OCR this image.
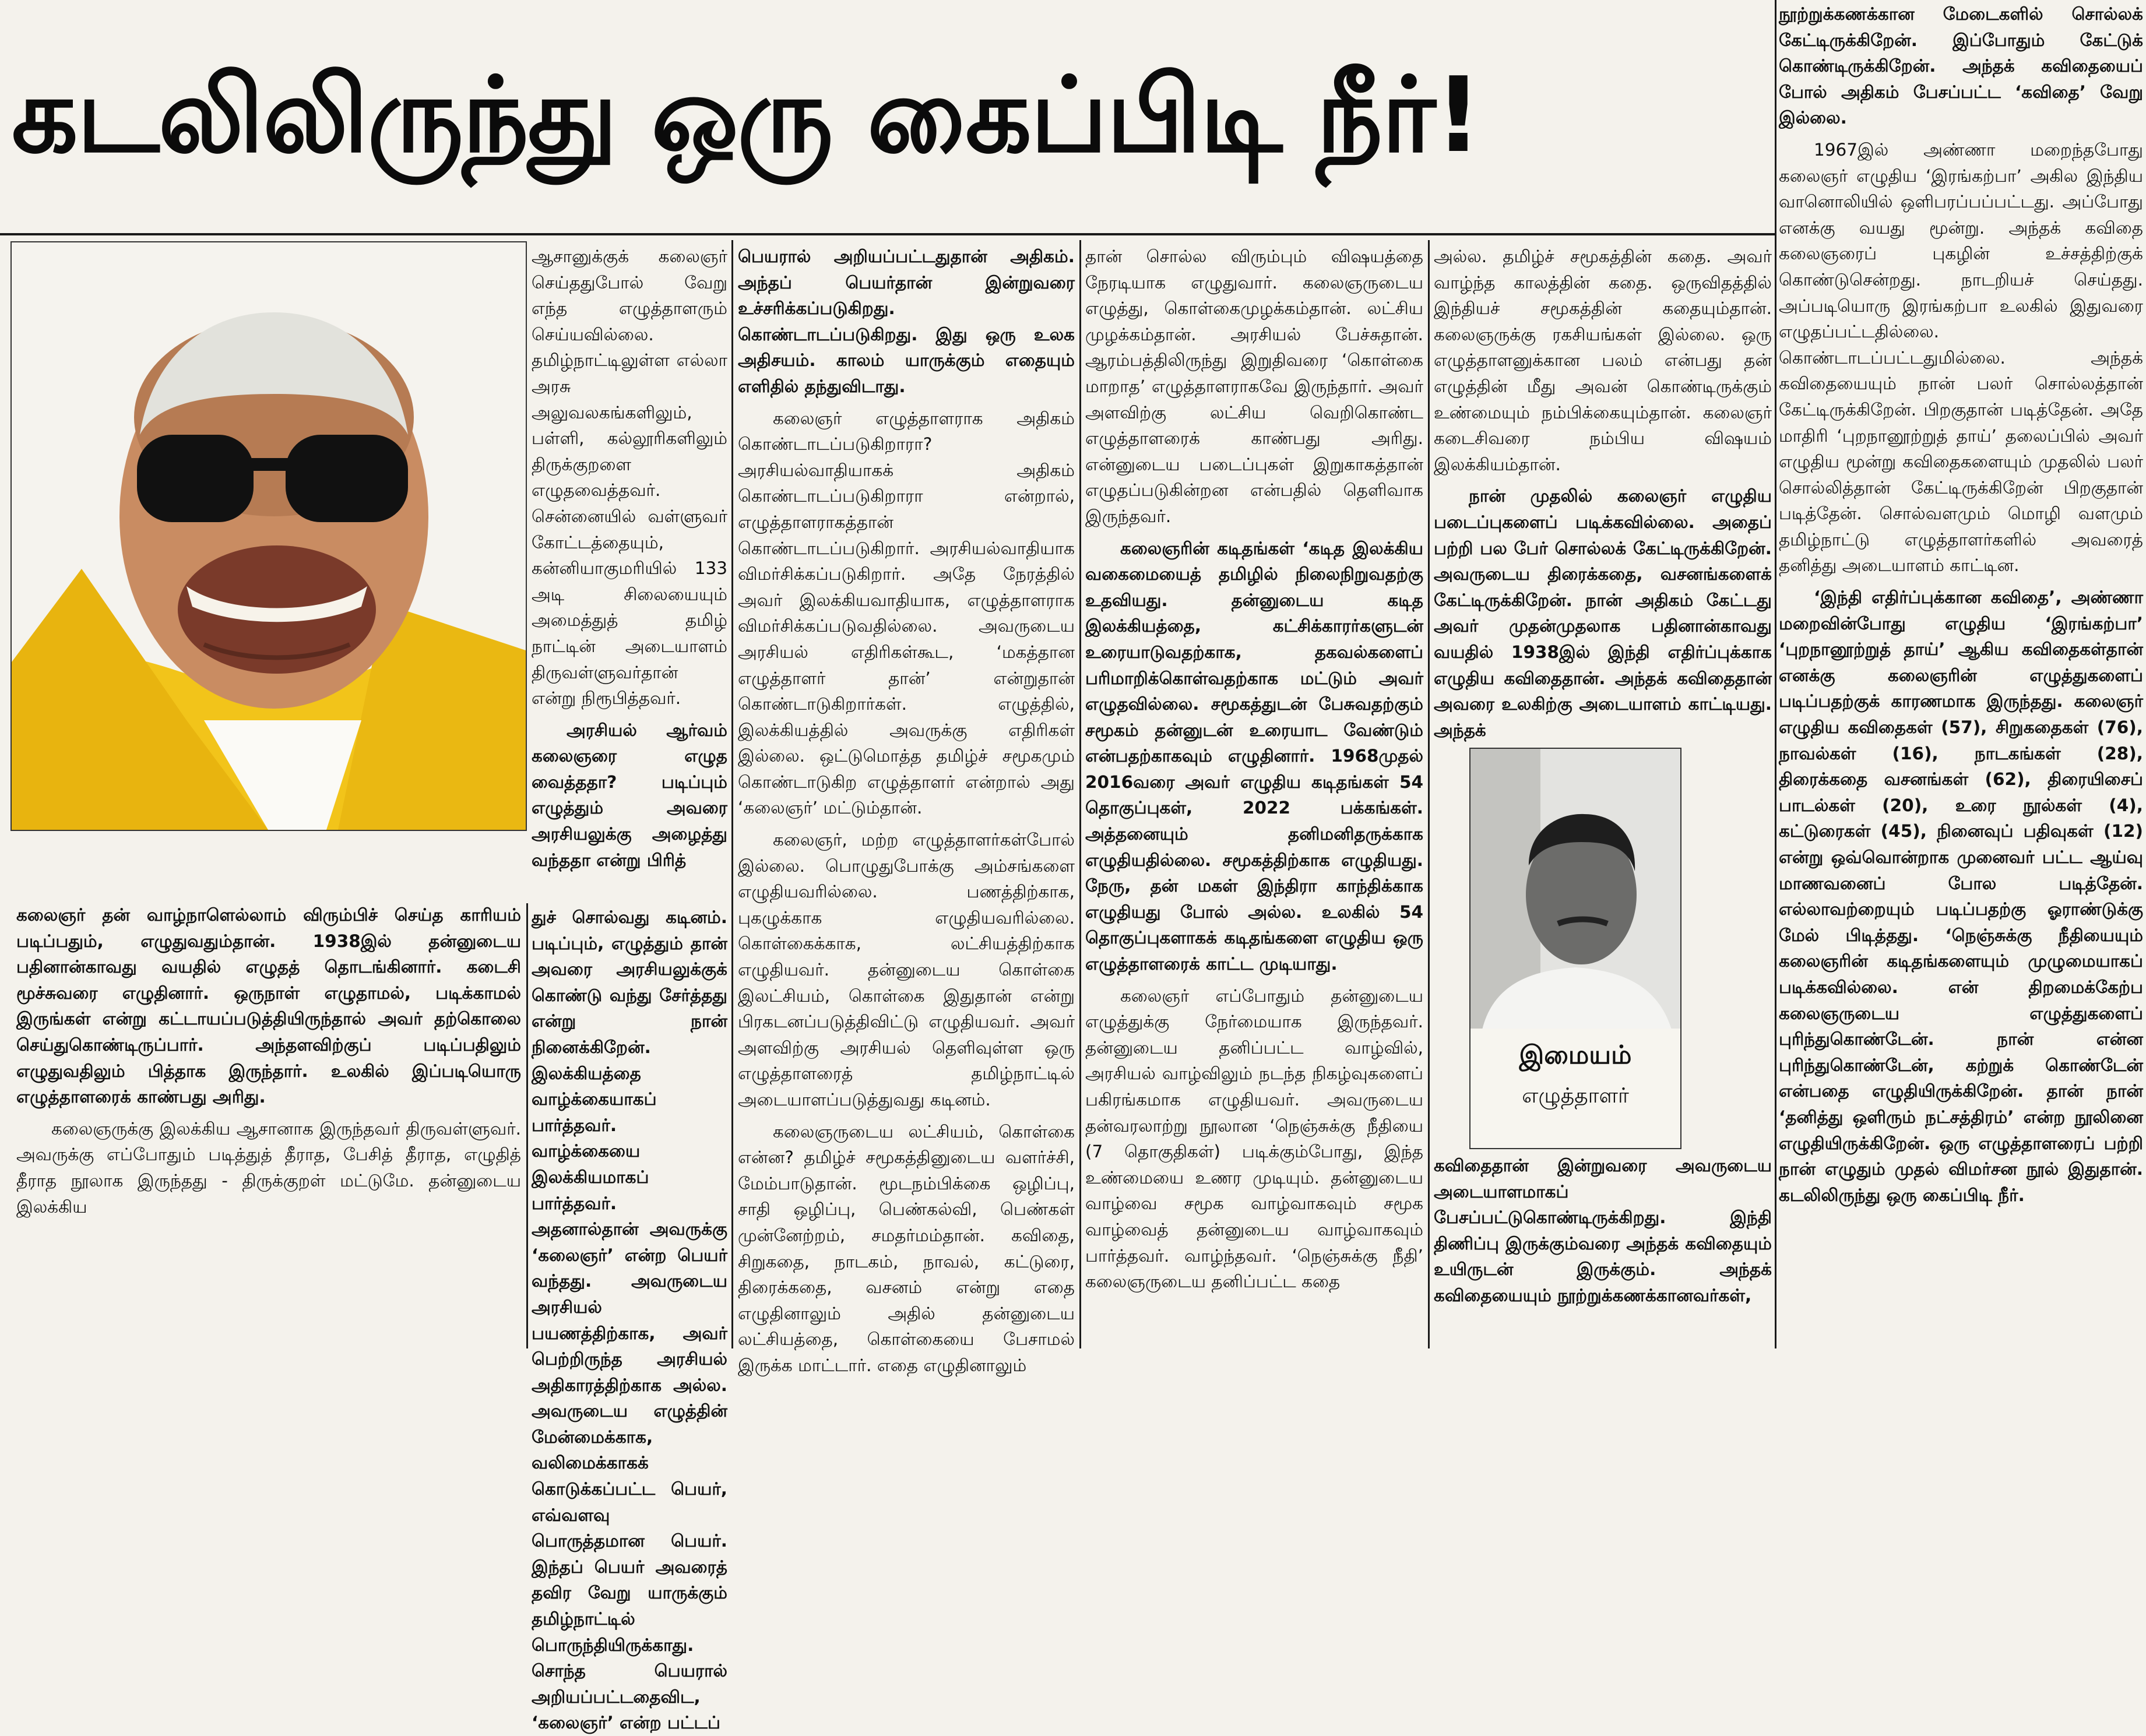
கடலிலிருந்து ஒரு கைப்பிடி நீர்!
இமையம்
எழுத்தாளர்

நூற்றுக்கணக்கான மேடைகளில் சொல்லக் கேட்டிருக்கிறேன். இப்போதும் கேட்டுக் கொண்டிருக்கிறேன். அந்தக் கவிதையைப் போல் அதிகம் பேசப்பட்ட ‘கவிதை’ வேறு இல்லை.

1967இல் அண்ணா மறைந்தபோது கலைஞர் எழுதிய ‘இரங்கற்பா’ அகில இந்திய வானொலியில் ஒளிபரப்பப்பட்டது. அப்போது எனக்கு வயது மூன்று. அந்தக் கவிதை கலைஞரைப் புகழின் உச்சத்திற்குக் கொண்டுசென்றது. நாடறியச் செய்தது. அப்படியொரு இரங்கற்பா உலகில் இதுவரை எழுதப்பட்டதில்லை. கொண்டாடப்பட்டதுமில்லை. அந்தக் கவிதையையும் நான் பலர் சொல்லத்தான் கேட்டிருக்கிறேன். பிறகுதான் படித்தேன். அதே மாதிரி ‘புறநானூற்றுத் தாய்’ தலைப்பில் அவர் எழுதிய மூன்று கவிதைகளையும் முதலில் பலர் சொல்லித்தான் கேட்டிருக்கிறேன் பிறகுதான் படித்தேன். சொல்வளமும் மொழி வளமும் தமிழ்நாட்டு எழுத்தாளர்களில் அவரைத் தனித்து அடையாளம் காட்டின.

‘இந்தி எதிர்ப்புக்கான கவிதை’, அண்ணா மறைவின்போது எழுதிய ‘இரங்கற்பா’ ‘புறநானூற்றுத் தாய்’ ஆகிய கவிதைகள்தான் எனக்கு கலைஞரின் எழுத்துகளைப் படிப்பதற்குக் காரணமாக இருந்தது. கலைஞர் எழுதிய கவிதைகள் (57), சிறுகதைகள் (76), நாவல்கள் (16), நாடகங்கள் (28), திரைக்கதை வசனங்கள் (62), திரையிசைப் பாடல்கள் (20), உரை நூல்கள் (4), கட்டுரைகள் (45), நினைவுப் பதிவுகள் (12) என்று ஒவ்வொன்றாக முனைவர் பட்ட ஆய்வு மாணவனைப் போல படித்தேன். எல்லாவற்றையும் படிப்பதற்கு ஓராண்டுக்கு மேல் பிடித்தது. ‘நெஞ்சுக்கு நீதியையும் கலைஞரின் கடிதங்களையும் முழுமையாகப் படிக்கவில்லை. என் திறமைக்கேற்ப கலைஞருடைய எழுத்துகளைப் புரிந்துகொண்டேன். நான் என்ன புரிந்துகொண்டேன், கற்றுக் கொண்டேன் என்பதை எழுதியிருக்கிறேன். தான் நான் ‘தனித்து ஒளிரும் நட்சத்திரம்’ என்ற நூலினை எழுதியிருக்கிறேன். ஒரு எழுத்தாளரைப் பற்றி நான் எழுதும் முதல் விமர்சன நூல் இதுதான். கடலிலிருந்து ஒரு கைப்பிடி நீர்.

கலைஞர் தன் வாழ்நாளெல்லாம் விரும்பிச் செய்த காரியம் படிப்பதும், எழுதுவதும்தான். 1938இல் தன்னுடைய பதினான்காவது வயதில் எழுதத் தொடங்கினார். கடைசி மூச்சுவரை எழுதினார். ஒருநாள் எழுதாமல், படிக்காமல் இருங்கள் என்று கட்டாயப்படுத்தியிருந்தால் அவர் தற்கொலை செய்துகொண்டிருப்பார். அந்தளவிற்குப் படிப்பதிலும் எழுதுவதிலும் பித்தாக இருந்தார். உலகில் இப்படியொரு எழுத்தாளரைக் காண்பது அரிது.

கலைஞருக்கு இலக்கிய ஆசானாக இருந்தவர் திருவள்ளுவர். அவருக்கு எப்போதும் படித்துத் தீராத, பேசித் தீராத, எழுதித் தீராத நூலாக இருந்தது - திருக்குறள் மட்டுமே. தன்னுடைய இலக்கிய

ஆசானுக்குக் கலைஞர் செய்ததுபோல் வேறு எந்த எழுத்தாளரும் செய்யவில்லை. தமிழ்நாட்டிலுள்ள எல்லா அரசு அலுவலகங்களிலும், பள்ளி, கல்லூரிகளிலும் திருக்குறளை எழுதவைத்தவர். சென்னையில் வள்ளுவர் கோட்டத்தையும், கன்னியாகுமரியில் 133 அடி சிலையையும் அமைத்துத் தமிழ் நாட்டின் அடையாளம் திருவள்ளுவர்தான் என்று நிரூபித்தவர்.

அரசியல் ஆர்வம் கலைஞரை எழுத வைத்ததா? படிப்பும் எழுத்தும் அவரை அரசியலுக்கு அழைத்து வந்ததா என்று பிரித்

துச் சொல்வது கடினம். படிப்பும், எழுத்தும் தான் அவரை அரசியலுக்குக் கொண்டு வந்து சேர்த்தது என்று நான் நினைக்கிறேன். இலக்கியத்தை வாழ்க்கையாகப் பார்த்தவர். வாழ்க்கையை இலக்கியமாகப் பார்த்தவர். அதனால்தான் அவருக்கு ‘கலைஞர்’ என்ற பெயர் வந்தது. அவருடைய அரசியல் பயணத்திற்காக, அவர் பெற்றிருந்த அரசியல் அதிகாரத்திற்காக அல்ல. அவருடைய எழுத்தின் மேன்மைக்காக, வலிமைக்காகக் கொடுக்கப்பட்ட பெயர், எவ்வளவு பொருத்தமான பெயர். இந்தப் பெயர் அவரைத் தவிர வேறு யாருக்கும் தமிழ்நாட்டில் பொருந்தியிருக்காது. சொந்த பெயரால் அறியப்பட்டதைவிட, ‘கலைஞர்’ என்ற பட்டப்

பெயரால் அறியப்பட்டதுதான் அதிகம். அந்தப் பெயர்தான் இன்றுவரை உச்சரிக்கப்படுகிறது. கொண்டாடப்படுகிறது. இது ஒரு உலக அதிசயம். காலம் யாருக்கும் எதையும் எளிதில் தந்துவிடாது.

கலைஞர் எழுத்தாளராக அதிகம் கொண்டாடப்படுகிறாரா? அரசியல்வாதியாகக் அதிகம் கொண்டாடப்படுகிறாரா என்றால், எழுத்தாளராகத்தான் கொண்டாடப்படுகிறார். அரசியல்வாதியாக விமர்சிக்கப்படுகிறார். அதே நேரத்தில் அவர் இலக்கியவாதியாக, எழுத்தாளராக விமர்சிக்கப்படுவதில்லை. அவருடைய அரசியல் எதிரிகள்கூட, ‘மகத்தான எழுத்தாளர் தான்’ என்றுதான் கொண்டாடுகிறார்கள். எழுத்தில், இலக்கியத்தில் அவருக்கு எதிரிகள் இல்லை. ஒட்டுமொத்த தமிழ்ச் சமூகமும் கொண்டாடுகிற எழுத்தாளர் என்றால் அது ‘கலைஞர்’ மட்டும்தான்.

கலைஞர், மற்ற எழுத்தாளர்கள்போல் இல்லை. பொழுதுபோக்கு அம்சங்களை எழுதியவரில்லை. பணத்திற்காக, புகழுக்காக எழுதியவரில்லை. கொள்கைக்காக, லட்சியத்திற்காக எழுதியவர். தன்னுடைய கொள்கை இலட்சியம், கொள்கை இதுதான் என்று பிரகடனப்படுத்திவிட்டு எழுதியவர். அவர் அளவிற்கு அரசியல் தெளிவுள்ள ஒரு எழுத்தாளரைத் தமிழ்நாட்டில் அடையாளப்படுத்துவது கடினம்.

கலைஞருடைய லட்சியம், கொள்கை என்ன? தமிழ்ச் சமூகத்தினுடைய வளர்ச்சி, மேம்பாடுதான். மூடநம்பிக்கை ஒழிப்பு, சாதி ஒழிப்பு, பெண்கல்வி, பெண்கள் முன்னேற்றம், சமதர்மம்தான். கவிதை, சிறுகதை, நாடகம், நாவல், கட்டுரை, திரைக்கதை, வசனம் என்று எதை எழுதினாலும் அதில் தன்னுடைய லட்சியத்தை, கொள்கையை பேசாமல் இருக்க மாட்டார். எதை எழுதினாலும்

தான் சொல்ல விரும்பும் விஷயத்தை நேரடியாக எழுதுவார். கலைஞருடைய எழுத்து, கொள்கைமுழக்கம்தான். லட்சிய முழக்கம்தான். அரசியல் பேச்சுதான். ஆரம்பத்திலிருந்து இறுதிவரை ‘கொள்கை மாறாத’ எழுத்தாளராகவே இருந்தார். அவர் அளவிற்கு லட்சிய வெறிகொண்ட எழுத்தாளரைக் காண்பது அரிது. என்னுடைய படைப்புகள் இறுகாகத்தான் எழுதப்படுகின்றன என்பதில் தெளிவாக இருந்தவர்.

கலைஞரின் கடிதங்கள் ‘கடித இலக்கிய வகைமையைத் தமிழில் நிலைநிறுவதற்கு உதவியது. தன்னுடைய கடித இலக்கியத்தை, கட்சிக்காரர்களுடன் உரையாடுவதற்காக, தகவல்களைப் பரிமாறிக்கொள்வதற்காக மட்டும் அவர் எழுதவில்லை. சமூகத்துடன் பேசுவதற்கும் சமூகம் தன்னுடன் உரையாட வேண்டும் என்பதற்காகவும் எழுதினார். 1968முதல் 2016வரை அவர் எழுதிய கடிதங்கள் 54 தொகுப்புகள், 2022 பக்கங்கள். அத்தனையும் தனிமனிதருக்காக எழுதியதில்லை. சமூகத்திற்காக எழுதியது. நேரு, தன் மகள் இந்திரா காந்திக்காக எழுதியது போல் அல்ல. உலகில் 54 தொகுப்புகளாகக் கடிதங்களை எழுதிய ஒரு எழுத்தாளரைக் காட்ட முடியாது.

கலைஞர் எப்போதும் தன்னுடைய எழுத்துக்கு நேர்மையாக இருந்தவர். தன்னுடைய தனிப்பட்ட வாழ்வில், அரசியல் வாழ்விலும் நடந்த நிகழ்வுகளைப் பகிரங்கமாக எழுதியவர். அவருடைய தன்வரலாற்று நூலான ‘நெஞ்சுக்கு நீதியை (7 தொகுதிகள்) படிக்கும்போது, இந்த உண்மையை உணர முடியும். தன்னுடைய வாழ்வை சமூக வாழ்வாகவும் சமூக வாழ்வைத் தன்னுடைய வாழ்வாகவும் பார்த்தவர். வாழ்ந்தவர். ‘நெஞ்சுக்கு நீதி’ கலைஞருடைய தனிப்பட்ட கதை

அல்ல. தமிழ்ச் சமூகத்தின் கதை. அவர் வாழ்ந்த காலத்தின் கதை. ஒருவிதத்தில் இந்தியச் சமூகத்தின் கதையும்தான். கலைஞருக்கு ரகசியங்கள் இல்லை. ஒரு எழுத்தாளனுக்கான பலம் என்பது தன் எழுத்தின் மீது அவன் கொண்டிருக்கும் உண்மையும் நம்பிக்கையும்தான். கலைஞர் கடைசிவரை நம்பிய விஷயம் இலக்கியம்தான்.

நான் முதலில் கலைஞர் எழுதிய படைப்புகளைப் படிக்கவில்லை. அதைப் பற்றி பல பேர் சொல்லக் கேட்டிருக்கிறேன். அவருடைய திரைக்கதை, வசனங்களைக் கேட்டிருக்கிறேன். நான் அதிகம் கேட்டது அவர் முதன்முதலாக பதினான்காவது வயதில் 1938இல் இந்தி எதிர்ப்புக்காக எழுதிய கவிதைதான். அந்தக் கவிதைதான் அவரை உலகிற்கு அடையாளம் காட்டியது. அந்தக்

கவிதைதான் இன்றுவரை அவருடைய அடையாளமாகப் பேசப்பட்டுகொண்டிருக்கிறது. இந்தி திணிப்பு இருக்கும்வரை அந்தக் கவிதையும் உயிருடன் இருக்கும். அந்தக் கவிதையையும் நூற்றுக்கணக்கானவர்கள்,
